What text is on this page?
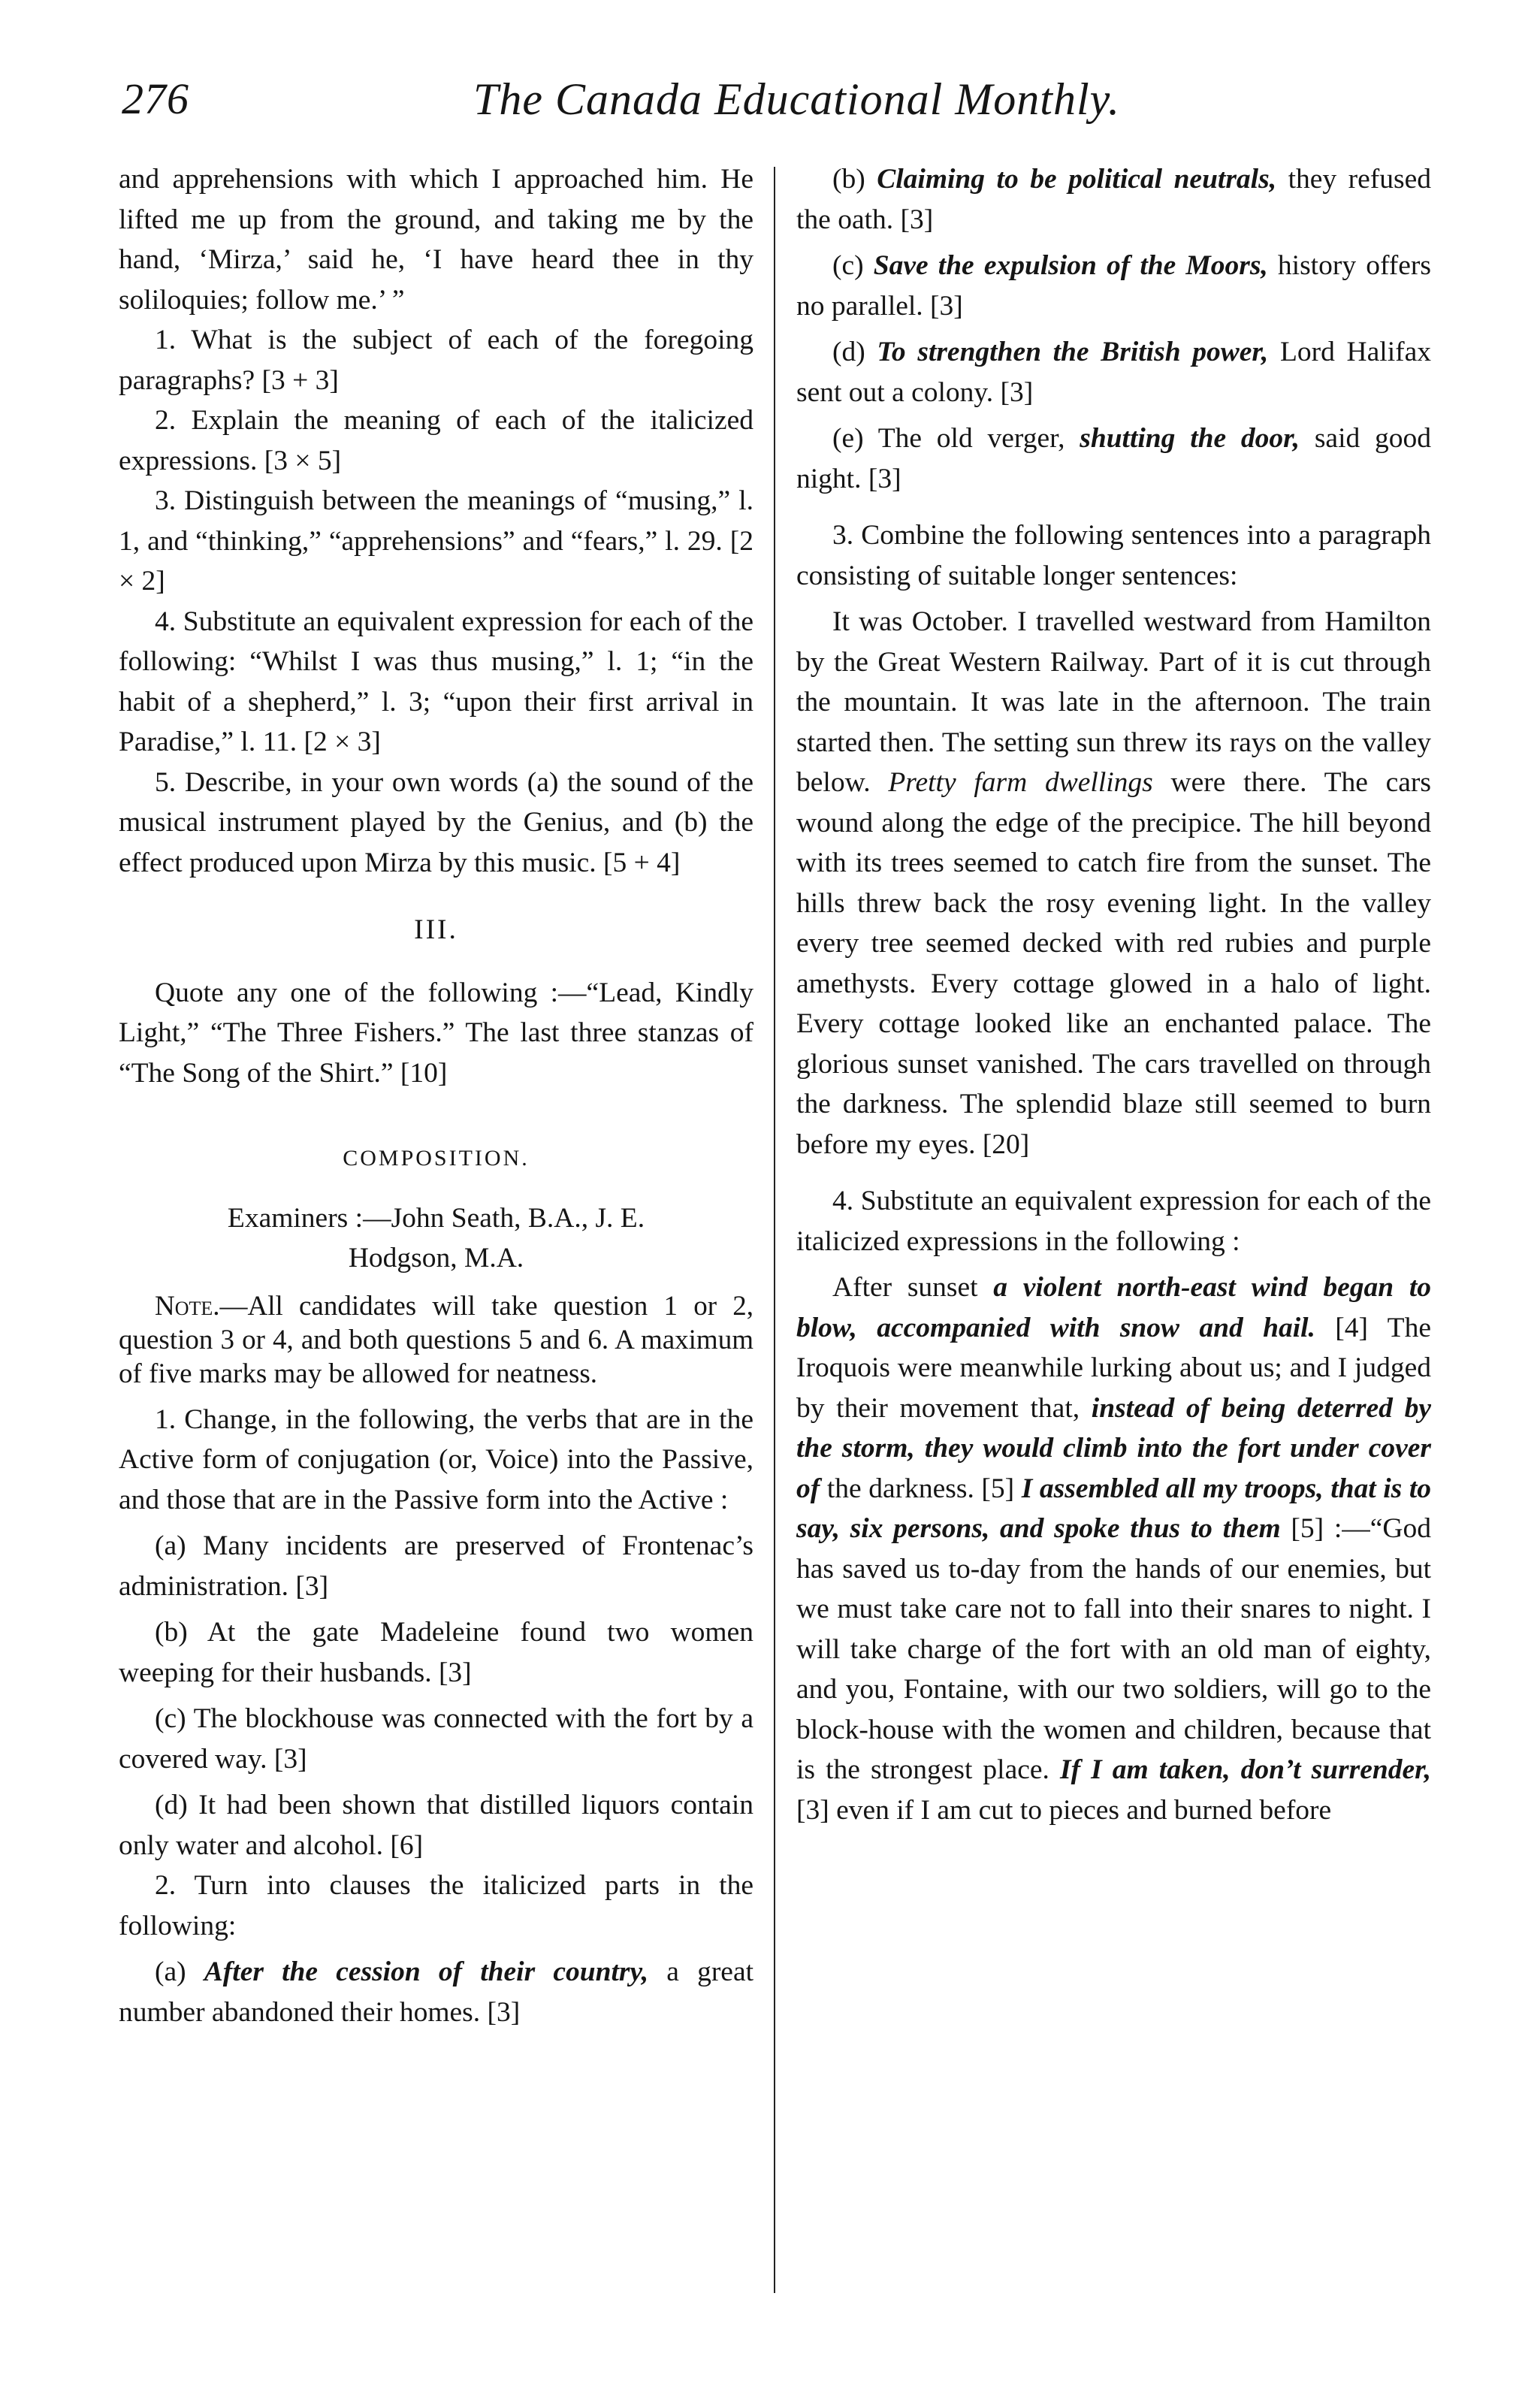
276	The Canada Educational Monthly.

and apprehensions with which I approached him. He lifted me up from the ground, and taking me by the hand, ‘Mirza,’ said he, ‘I have heard thee in thy soliloquies; follow me.’ ”

1. What is the subject of each of the foregoing paragraphs? [3 + 3]

2. Explain the meaning of each of the italicized expressions. [3 × 5]

3. Distinguish between the meanings of “musing,” l. 1, and “thinking,” “apprehensions” and “fears,” l. 29. [2 × 2]

4. Substitute an equivalent expression for each of the following: “Whilst I was thus musing,” l. 1; “in the habit of a shepherd,” l. 3; “upon their first arrival in Paradise,” l. 11. [2 × 3]

5. Describe, in your own words (a) the sound of the musical instrument played by the Genius, and (b) the effect produced upon Mirza by this music. [5 + 4]

III.

Quote any one of the following :—“Lead, Kindly Light,” “The Three Fishers.” The last three stanzas of “The Song of the Shirt.” [10]

COMPOSITION.

Examiners :—John Seath, B.A., J. E.
Hodgson, M.A.

Note.—All candidates will take question 1 or 2, question 3 or 4, and both questions 5 and 6. A maximum of five marks may be allowed for neatness.

1. Change, in the following, the verbs that are in the Active form of conjugation (or, Voice) into the Passive, and those that are in the Passive form into the Active :

(a) Many incidents are preserved of Frontenac’s administration. [3]

(b) At the gate Madeleine found two women weeping for their husbands. [3]

(c) The blockhouse was connected with the fort by a covered way. [3]

(d) It had been shown that distilled liquors contain only water and alcohol. [6]

2. Turn into clauses the italicized parts in the following:

(a) After the cession of their country, a great number abandoned their homes. [3]

(b) Claiming to be political neutrals, they refused the oath. [3]

(c) Save the expulsion of the Moors, history offers no parallel. [3]

(d) To strengthen the British power, Lord Halifax sent out a colony. [3]

(e) The old verger, shutting the door, said good night. [3]

3. Combine the following sentences into a paragraph consisting of suitable longer sentences:

It was October. I travelled westward from Hamilton by the Great Western Railway. Part of it is cut through the mountain. It was late in the afternoon. The train started then. The setting sun threw its rays on the valley below. Pretty farm dwellings were there. The cars wound along the edge of the precipice. The hill beyond with its trees seemed to catch fire from the sunset. The hills threw back the rosy evening light. In the valley every tree seemed decked with red rubies and purple amethysts. Every cottage glowed in a halo of light. Every cottage looked like an enchanted palace. The glorious sunset vanished. The cars travelled on through the darkness. The splendid blaze still seemed to burn before my eyes. [20]

4. Substitute an equivalent expression for each of the italicized expressions in the following :

After sunset a violent north-east wind began to blow, accompanied with snow and hail. [4] The Iroquois were meanwhile lurking about us; and I judged by their movement that, instead of being deterred by the storm, they would climb into the fort under cover of the darkness. [5] I assembled all my troops, that is to say, six persons, and spoke thus to them [5] :—“God has saved us to-day from the hands of our enemies, but we must take care not to fall into their snares to night. I will take charge of the fort with an old man of eighty, and you, Fontaine, with our two soldiers, will go to the block-house with the women and children, because that is the strongest place. If I am taken, don’t surrender, [3] even if I am cut to pieces and burned before
